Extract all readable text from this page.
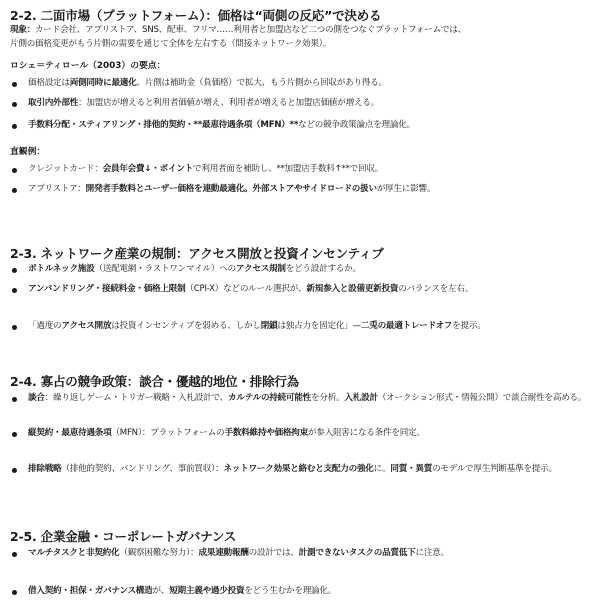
2-2. 二面市場（プラットフォーム）：価格は“両側の反応”で決める
現象：カード会社、アプリストア、SNS、配車、フリマ……利用者と加盟店など二つの側をつなぐプラットフォームでは、
片側の価格変更がもう片側の需要を通じて全体を左右する（間接ネットワーク効果）。
ロシェ＝ティロール（2003）の要点：
価格設定は両側同時に最適化。片側は補助金（負価格）で拡大、もう片側から回収があり得る。
取引内外部性：加盟店が増えると利用者価値が増え、利用者が増えると加盟店価値が増える。
手数料分配・スティアリング・排他的契約・**最恵待遇条項（MFN）**などの競争政策論点を理論化。
直観例：
クレジットカード：会員年会費↓・ポイントで利用者面を補助し、**加盟店手数料↑**で回収。
アプリストア：開発者手数料とユーザー価格を連動最適化。外部ストアやサイドロードの扱いが厚生に影響。
2-3. ネットワーク産業の規制：アクセス開放と投資インセンティブ
ボトルネック施設（送配電網・ラストワンマイル）へのアクセス規制をどう設計するか。
アンバンドリング・接続料金・価格上限制（CPI-X）などのルール選択が、新規参入と設備更新投資のバランスを左右。
「過度のアクセス開放は投資インセンティブを弱める、しかし閉鎖は独占力を固定化」—二兎の最適トレードオフを提示。
2-4. 寡占の競争政策：談合・優越的地位・排除行為
談合：繰り返しゲーム・トリガー戦略・入札設計で、カルテルの持続可能性を分析。入札設計（オークション形式・情報公開）で談合耐性を高める。
縦契約・最恵待遇条項（MFN）：プラットフォームの手数料維持や価格拘束が参入阻害になる条件を同定。
排除戦略（排他的契約、バンドリング、事前買収）：ネットワーク効果と絡むと支配力の強化に。同質・異質のモデルで厚生判断基準を提示。
2-5. 企業金融・コーポレートガバナンス
マルチタスクと非契約化（観察困難な努力）：成果連動報酬の設計では、計測できないタスクの品質低下に注意。
借入契約・担保・ガバナンス構造が、短期主義や過少投資をどう生むかを理論化。
